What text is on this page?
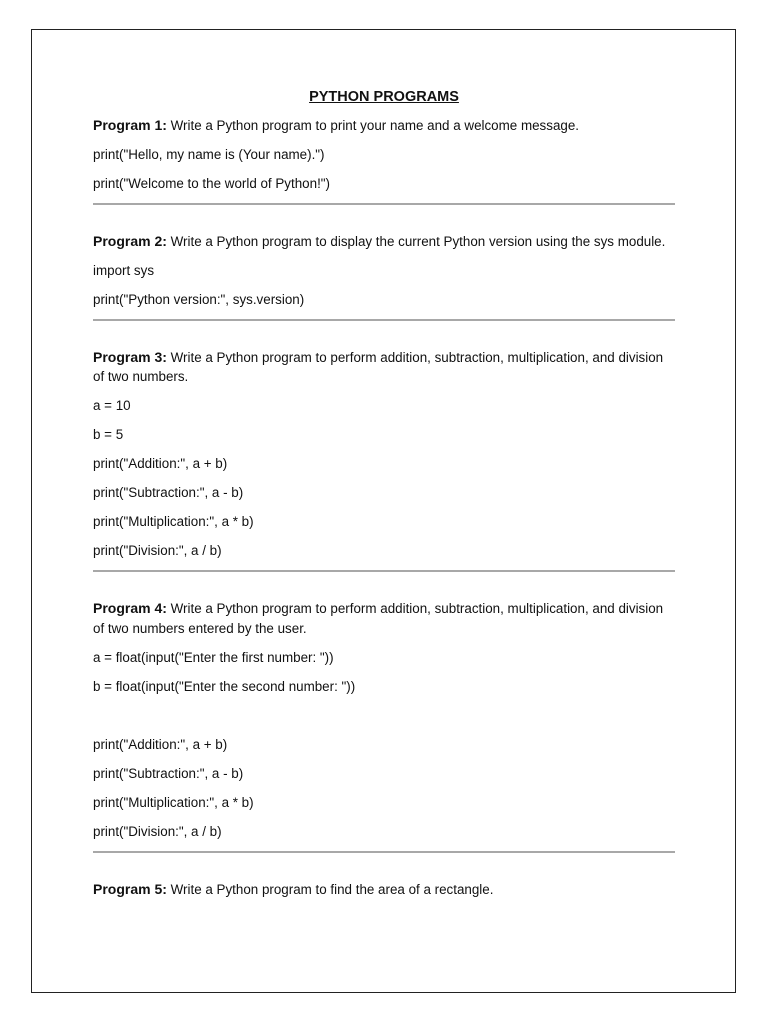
PYTHON PROGRAMS

Program 1: Write a Python program to print your name and a welcome message.

print("Hello, my name is (Your name).")

print("Welcome to the world of Python!")

Program 2: Write a Python program to display the current Python version using the sys module.

import sys

print("Python version:", sys.version)

Program 3: Write a Python program to perform addition, subtraction, multiplication, and division of two numbers.

a = 10

b = 5

print("Addition:", a + b)

print("Subtraction:", a - b)

print("Multiplication:", a * b)

print("Division:", a / b)

Program 4: Write a Python program to perform addition, subtraction, multiplication, and division of two numbers entered by the user.

a = float(input("Enter the first number: "))

b = float(input("Enter the second number: "))

print("Addition:", a + b)

print("Subtraction:", a - b)

print("Multiplication:", a * b)

print("Division:", a / b)

Program 5: Write a Python program to find the area of a rectangle.
